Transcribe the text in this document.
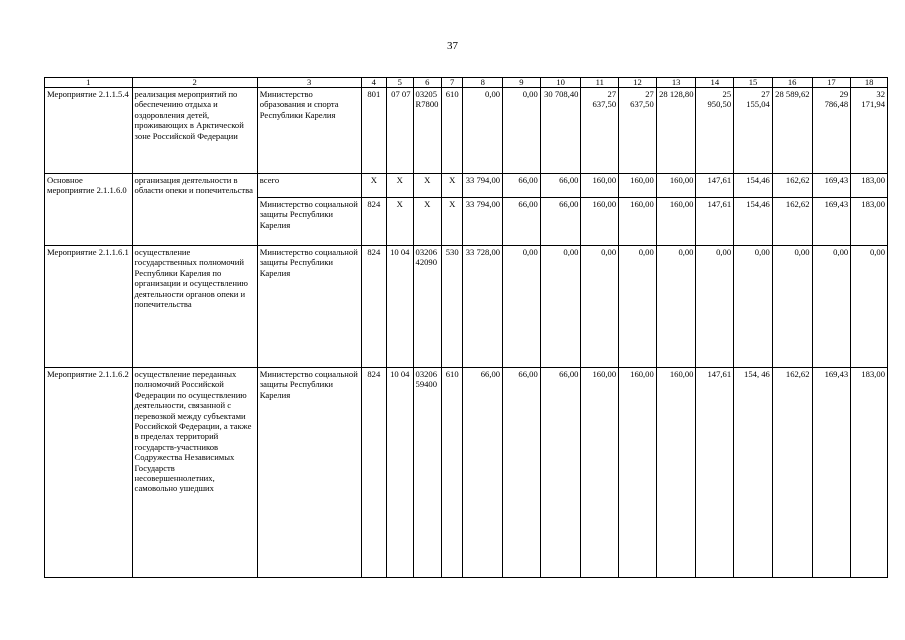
37
1	2	3	4	5	6	7	8	9	10	11	12	13	14	15	16	17	18
Мероприятие 2.1.1.5.4	реализация мероприятий по обеспечению отдыха и оздоровления детей, проживающих в Арктической зоне Российской Федерации	Министерство образования и спорта Республики Карелия	801	07 07	03205 R7800	610	0,00	0,00	30 708,40	27 637,50	27 637,50	28 128,80	25 950,50	27 155,04	28 589,62	29 786,48	32 171,94
Основное мероприятие 2.1.1.6.0	организация деятельности в области опеки и попечительства	всего	X	X	X	X	33 794,00	66,00	66,00	160,00	160,00	160,00	147,61	154,46	162,62	169,43	183,00
		Министерство социальной защиты Республики Карелия	824	X	X	X	33 794,00	66,00	66,00	160,00	160,00	160,00	147,61	154,46	162,62	169,43	183,00
Мероприятие 2.1.1.6.1	осуществление государственных полномочий Республики Карелия по организации и осуществлению деятельности органов опеки и попечительства	Министерство социальной защиты Республики Карелия	824	10 04	03206 42090	530	33 728,00	0,00	0,00	0,00	0,00	0,00	0,00	0,00	0,00	0,00	0,00
Мероприятие 2.1.1.6.2	осуществление переданных полномочий Российской Федерации по осуществлению деятельности, связанной с перевозкой между субъектами Российской Федерации, а также в пределах территорий государств-участников Содружества Независимых Государств несовершеннолетних, самовольно ушедших	Министерство социальной защиты Республики Карелия	824	10 04	03206 59400	610	66,00	66,00	66,00	160,00	160,00	160,00	147,61	154, 46	162,62	169,43	183,00
